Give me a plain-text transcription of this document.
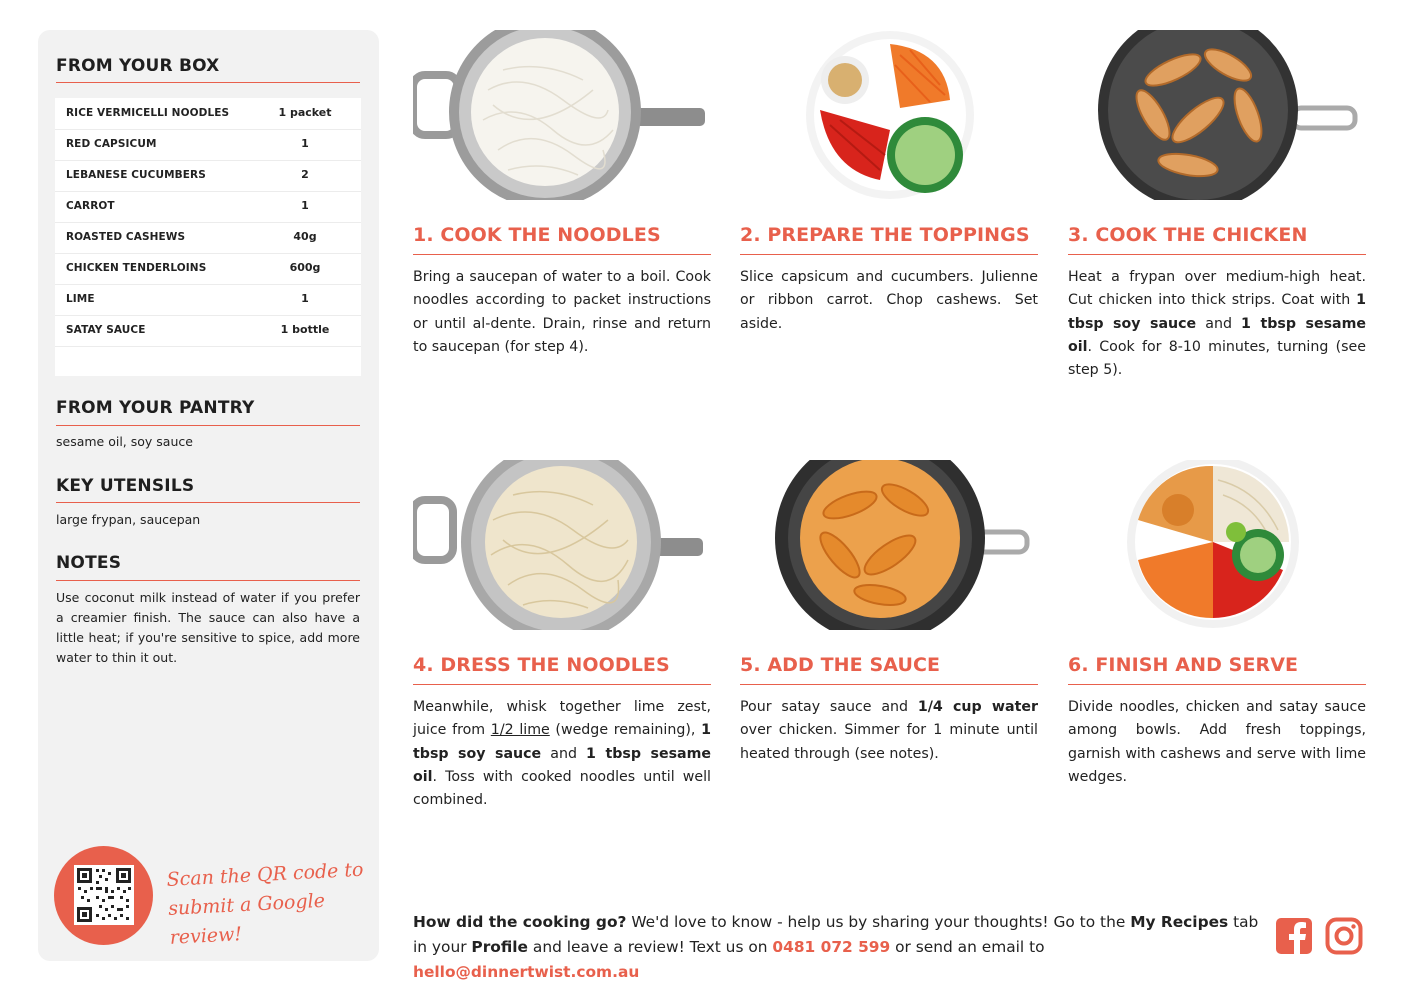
FROM YOUR BOX
RICE VERMICELLI NOODLES	1 packet
RED CAPSICUM	1
LEBANESE CUCUMBERS	2
CARROT	1
ROASTED CASHEWS	40g
CHICKEN TENDERLOINS	600g
LIME	1
SATAY SAUCE	1 bottle
FROM YOUR PANTRY
sesame oil, soy sauce
KEY UTENSILS
large frypan, saucepan
NOTES
Use coconut milk instead of water if you prefer a creamier finish. The sauce can also have a little heat; if you're sensitive to spice, add more water to thin it out.
Scan the QR code to
submit a Google review!
1. COOK THE NOODLES
Bring a saucepan of water to a boil. Cook noodles according to packet instructions or until al-dente. Drain, rinse and return to saucepan (for step 4).
2. PREPARE THE TOPPINGS
Slice capsicum and cucumbers. Julienne or ribbon carrot. Chop cashews. Set aside.
3. COOK THE CHICKEN
Heat a frypan over medium-high heat. Cut chicken into thick strips. Coat with 1 tbsp soy sauce and 1 tbsp sesame oil. Cook for 8-10 minutes, turning (see step 5).
4. DRESS THE NOODLES
Meanwhile, whisk together lime zest, juice from 1/2 lime (wedge remaining), 1 tbsp soy sauce and 1 tbsp sesame oil. Toss with cooked noodles until well combined.
5. ADD THE SAUCE
Pour satay sauce and 1/4 cup water over chicken. Simmer for 1 minute until heated through (see notes).
6. FINISH AND SERVE
Divide noodles, chicken and satay sauce among bowls. Add fresh toppings, garnish with cashews and serve with lime wedges.
How did the cooking go? We'd love to know - help us by sharing your thoughts! Go to the My Recipes tab in your Profile and leave a review! Text us on 0481 072 599 or send an email to hello@dinnertwist.com.au
